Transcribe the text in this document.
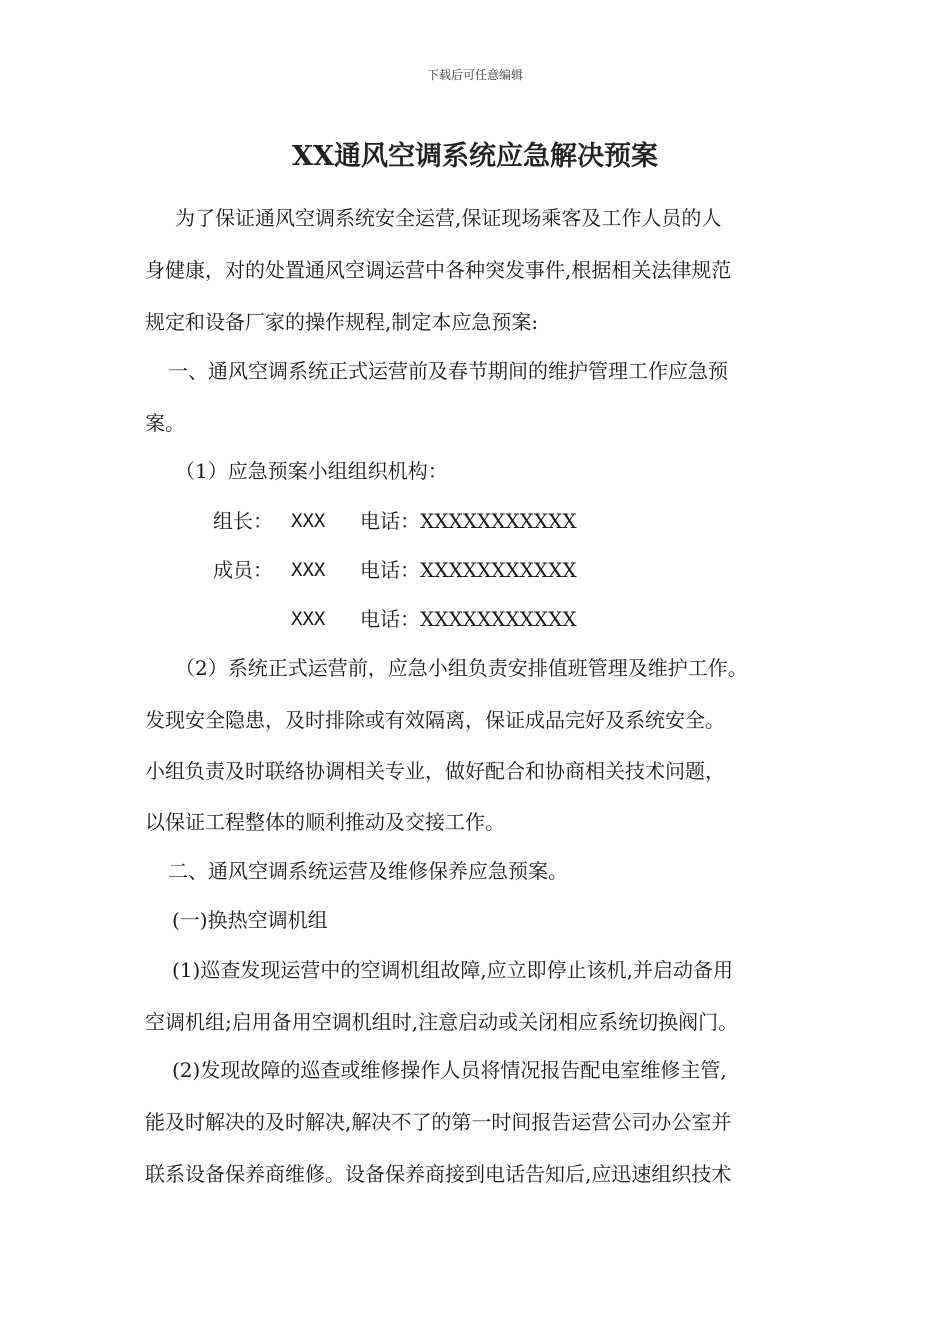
下载后可任意编辑
XX通风空调系统应急解决预案
为了保证通风空调系统安全运营,保证现场乘客及工作人员的人
身健康，对的处置通风空调运营中各种突发事件,根据相关法律规范
规定和设备厂家的操作规程,制定本应急预案:
一、通风空调系统正式运营前及春节期间的维护管理工作应急预
案。
（1）应急预案小组组织机构：
组长： XXX 电话：XXXXXXXXXXX
成员： XXX 电话：XXXXXXXXXXX
XXX 电话：XXXXXXXXXXX
（2）系统正式运营前，应急小组负责安排值班管理及维护工作。
发现安全隐患，及时排除或有效隔离，保证成品完好及系统安全。
小组负责及时联络协调相关专业，做好配合和协商相关技术问题，
以保证工程整体的顺利推动及交接工作。
二、通风空调系统运营及维修保养应急预案。
(一)换热空调机组
(1)巡查发现运营中的空调机组故障,应立即停止该机,并启动备用
空调机组;启用备用空调机组时,注意启动或关闭相应系统切换阀门。
(2)发现故障的巡查或维修操作人员将情况报告配电室维修主管,
能及时解决的及时解决,解决不了的第一时间报告运营公司办公室并
联系设备保养商维修。设备保养商接到电话告知后,应迅速组织技术
